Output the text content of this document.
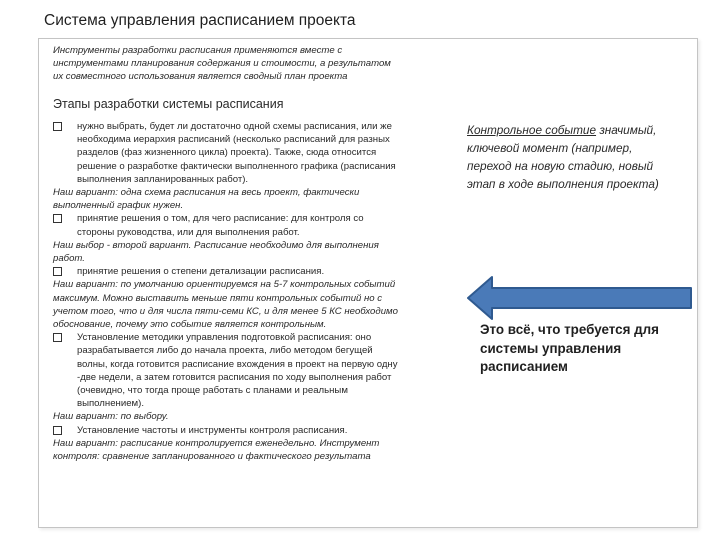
Система управления расписанием проекта
Инструменты разработки расписания применяются вместе с
инструментами планирования содержания и стоимости, а результатом
их совместного использования является сводный план проекта
Этапы разработки системы расписания
нужно выбрать, будет ли достаточно одной схемы расписания, или же
необходима иерархия расписаний (несколько расписаний для разных
разделов (фаз жизненного цикла) проекта). Также, сюда относится
решение о разработке фактически выполненного графика (расписания
выполнения запланированных работ).
Наш вариант: одна схема расписания на весь проект, фактически
выполненный график нужен.
принятие решения о том, для чего расписание: для контроля со
стороны руководства, или для выполнения работ.
Наш выбор - второй вариант. Расписание необходимо для выполнения
работ.
принятие решения о степени детализации расписания.
Наш вариант: по умолчанию ориентируемся на 5-7 контрольных событий
максимум. Можно выставить меньше пяти контрольных событий но с
учетом того, что и для числа пяти-семи КС, и для менее 5 КС необходимо
обоснование, почему это событие является контрольным.
Установление методики управления подготовкой расписания: оно
разрабатывается либо до начала проекта, либо методом бегущей
волны, когда готовится расписание вхождения в проект на первую одну
-две недели, а затем готовится расписания по ходу выполнения работ
(очевидно, что тогда проще работать с планами и реальным
выполнением).
Наш вариант: по выбору.
Установление частоты и инструменты контроля расписания.
Наш вариант: расписание контролируется еженедельно. Инструмент
контроля: сравнение запланированного и фактического результата
Контрольное событие значимый,
ключевой момент (например,
переход на новую стадию, новый
этап в ходе выполнения проекта)
Это всё, что требуется для
системы управления
расписанием
